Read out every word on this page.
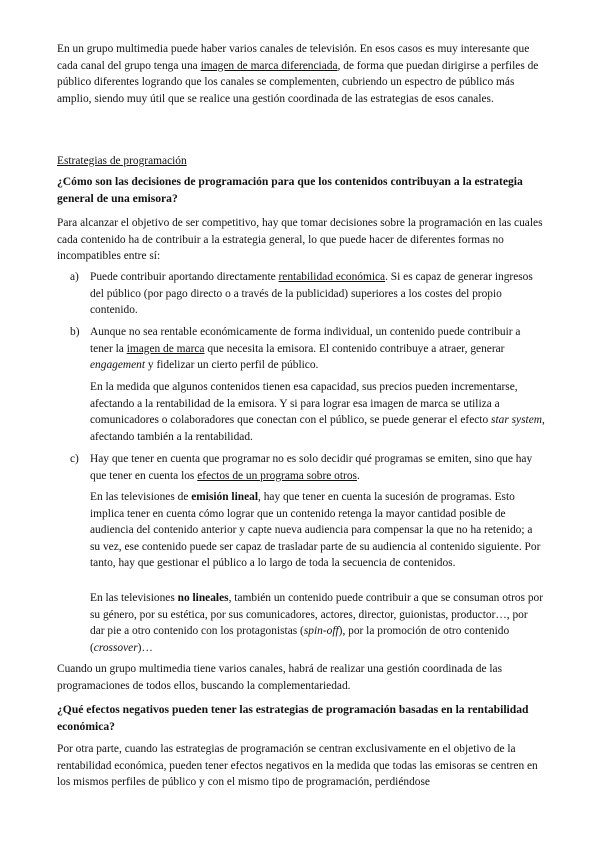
En un grupo multimedia puede haber varios canales de televisión. En esos casos es muy interesante que cada canal del grupo tenga una imagen de marca diferenciada, de forma que puedan dirigirse a perfiles de público diferentes logrando que los canales se complementen, cubriendo un espectro de público más amplio, siendo muy útil que se realice una gestión coordinada de las estrategias de esos canales.

Estrategias de programación

¿Cómo son las decisiones de programación para que los contenidos contribuyan a la estrategia general de una emisora?

Para alcanzar el objetivo de ser competitivo, hay que tomar decisiones sobre la programación en las cuales cada contenido ha de contribuir a la estrategia general, lo que puede hacer de diferentes formas no incompatibles entre sí:

a) Puede contribuir aportando directamente rentabilidad económica. Si es capaz de generar ingresos del público (por pago directo o a través de la publicidad) superiores a los costes del propio contenido.

b) Aunque no sea rentable económicamente de forma individual, un contenido puede contribuir a tener la imagen de marca que necesita la emisora. El contenido contribuye a atraer, generar engagement y fidelizar un cierto perfil de público.

En la medida que algunos contenidos tienen esa capacidad, sus precios pueden incrementarse, afectando a la rentabilidad de la emisora. Y si para lograr esa imagen de marca se utiliza a comunicadores o colaboradores que conectan con el público, se puede generar el efecto star system, afectando también a la rentabilidad.

c) Hay que tener en cuenta que programar no es solo decidir qué programas se emiten, sino que hay que tener en cuenta los efectos de un programa sobre otros.

En las televisiones de emisión lineal, hay que tener en cuenta la sucesión de programas. Esto implica tener en cuenta cómo lograr que un contenido retenga la mayor cantidad posible de audiencia del contenido anterior y capte nueva audiencia para compensar la que no ha retenido; a su vez, ese contenido puede ser capaz de trasladar parte de su audiencia al contenido siguiente. Por tanto, hay que gestionar el público a lo largo de toda la secuencia de contenidos.

En las televisiones no lineales, también un contenido puede contribuir a que se consuman otros por su género, por su estética, por sus comunicadores, actores, director, guionistas, productor…, por dar pie a otro contenido con los protagonistas (spin-off), por la promoción de otro contenido (crossover)…

Cuando un grupo multimedia tiene varios canales, habrá de realizar una gestión coordinada de las programaciones de todos ellos, buscando la complementariedad.

¿Qué efectos negativos pueden tener las estrategias de programación basadas en la rentabilidad económica?

Por otra parte, cuando las estrategias de programación se centran exclusivamente en el objetivo de la rentabilidad económica, pueden tener efectos negativos en la medida que todas las emisoras se centren en los mismos perfiles de público y con el mismo tipo de programación, perdiéndose
